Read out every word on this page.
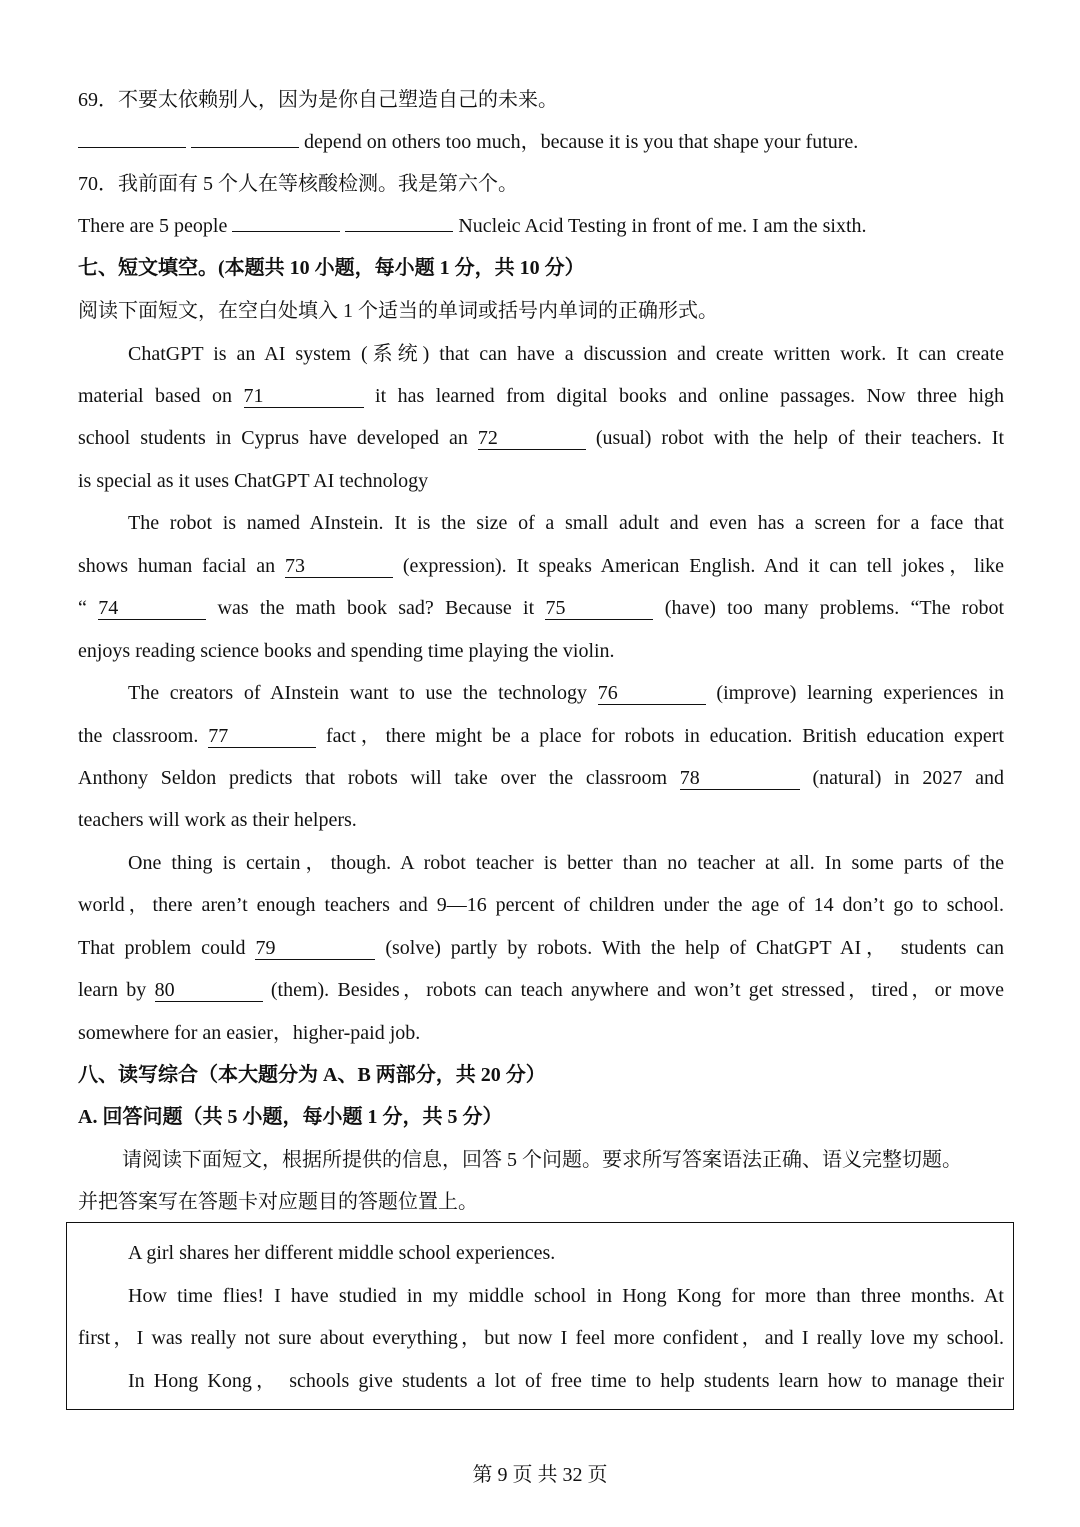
69．不要太依赖别人，因为是你自己塑造自己的未来。
depend on others too much，because it is you that shape your future.
70．我前面有 5 个人在等核酸检测。我是第六个。
There are 5 people	Nucleic Acid Testing in front of me. I am the sixth.
七、短文填空。(本题共 10 小题，每小题 1 分，共 10 分）
阅读下面短文，在空白处填入 1 个适当的单词或括号内单词的正确形式。
ChatGPT is an AI system (系统) that can have a discussion and create written work. It can create
material based on 71	it has learned from digital books and online passages. Now three high
school students in Cyprus have developed an 72	(usual) robot with the help of their teachers. It
is special as it uses ChatGPT AI technology
The robot is named AInstein. It is the size of a small adult and even has a screen for a face that
shows human facial an 73	(expression). It speaks American English. And it can tell jokes，like
“ 74	was the math book sad? Because it 75	(have) too many problems. “The robot
enjoys reading science books and spending time playing the violin.
The creators of AInstein want to use the technology 76	(improve) learning experiences in
the classroom. 77	fact，there might be a place for robots in education. British education expert
Anthony Seldon predicts that robots will take over the classroom 78	(natural) in 2027 and
teachers will work as their helpers.
One thing is certain，though. A robot teacher is better than no teacher at all. In some parts of the
world，there aren’t enough teachers and 9—16 percent of children under the age of 14 don’t go to school.
That problem could 79	(solve) partly by robots. With the help of ChatGPT AI， students can
learn by 80	(them). Besides，robots can teach anywhere and won’t get stressed，tired，or move
somewhere for an easier，higher-paid job.
八、读写综合（本大题分为 A、B 两部分，共 20 分）
A. 回答问题（共 5 小题，每小题 1 分，共 5 分）
请阅读下面短文，根据所提供的信息，回答 5 个问题。要求所写答案语法正确、语义完整切题。
并把答案写在答题卡对应题目的答题位置上。
A girl shares her different middle school experiences.
How time flies! I have studied in my middle school in Hong Kong for more than three months. At
first，I was really not sure about everything，but now I feel more confident，and I really love my school.
In Hong Kong， schools give students a lot of free time to help students learn how to manage their
第 9 页 共 32 页
